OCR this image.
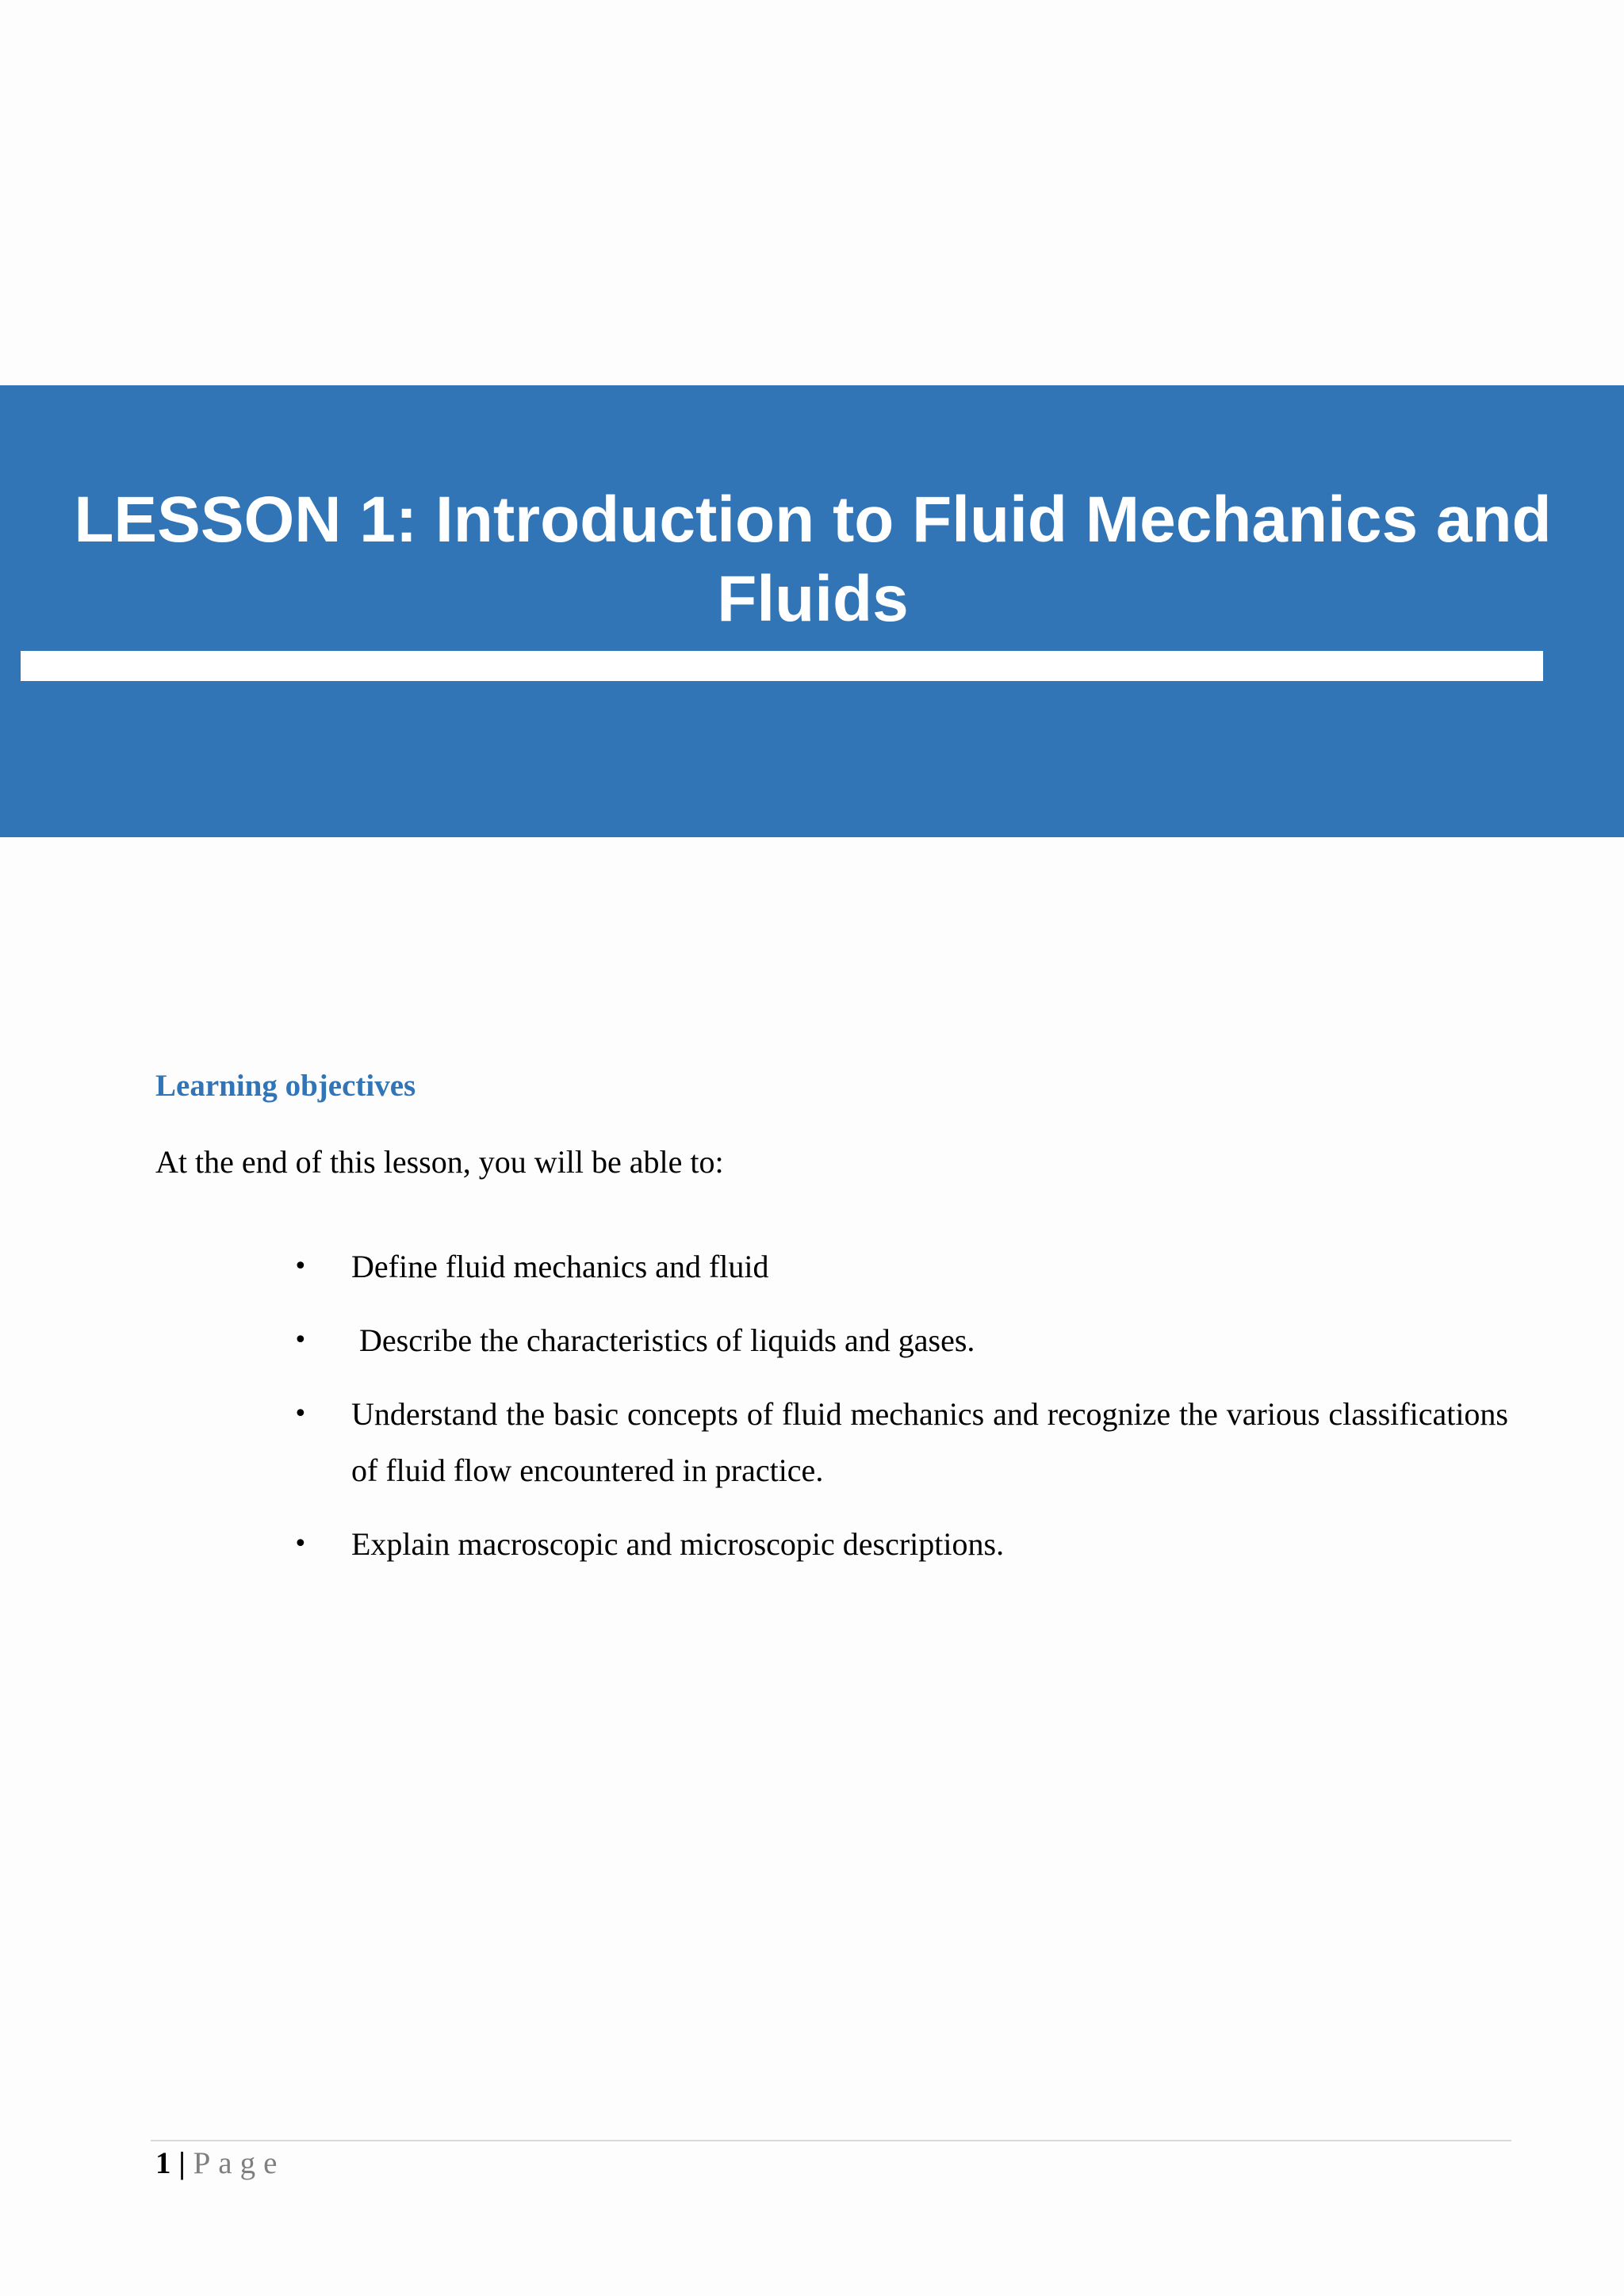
LESSON 1: Introduction to Fluid Mechanics and Fluids
Learning objectives

At the end of this lesson, you will be able to:

• Define fluid mechanics and fluid
• Describe the characteristics of liquids and gases.
• Understand the basic concepts of fluid mechanics and recognize the various classifications of fluid flow encountered in practice.
• Explain macroscopic and microscopic descriptions.
1 | Page
